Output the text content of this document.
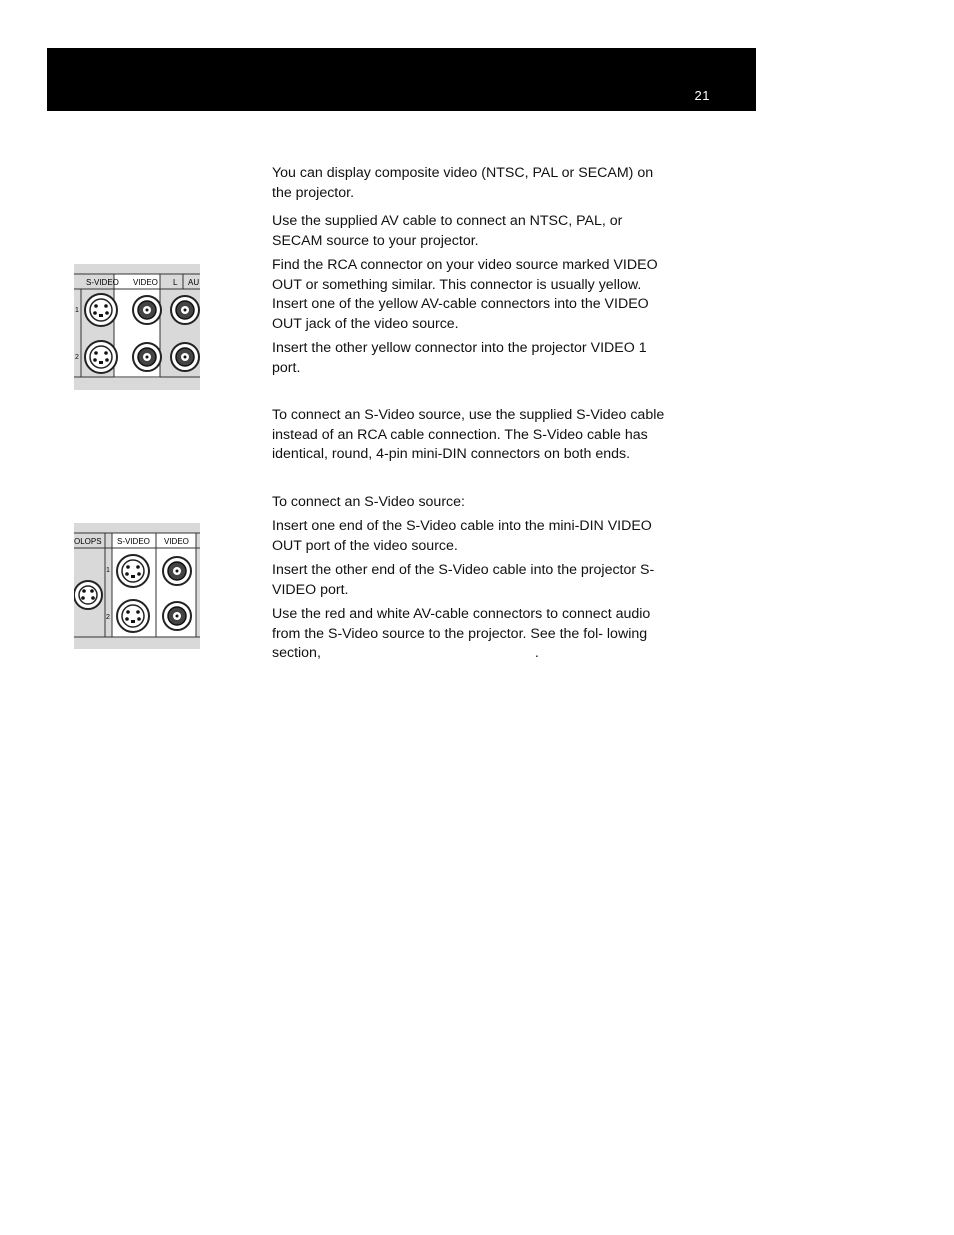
21

You can display composite video (NTSC, PAL or SECAM) on the projector.

Use the supplied AV cable to connect an NTSC, PAL, or SECAM source to your projector.

Find the RCA connector on your video source marked VIDEO OUT or something similar. This connector is usually yellow. Insert one of the yellow AV-cable connectors into the VIDEO OUT jack of the video source.

Insert the other yellow connector into the projector VIDEO 1 port.

S-VIDEO VIDEO L AU
1
2

To connect an S-Video source, use the supplied S-Video cable instead of an RCA cable connection. The S-Video cable has identical, round, 4-pin mini-DIN connectors on both ends.

To connect an S-Video source:

Insert one end of the S-Video cable into the mini-DIN VIDEO OUT port of the video source.

Insert the other end of the S-Video cable into the projector S-VIDEO port.

Use the red and white AV-cable connectors to connect audio from the S-Video source to the projector. See the fol- lowing section,	.

OLOPS S-VIDEO VIDEO
1
2
